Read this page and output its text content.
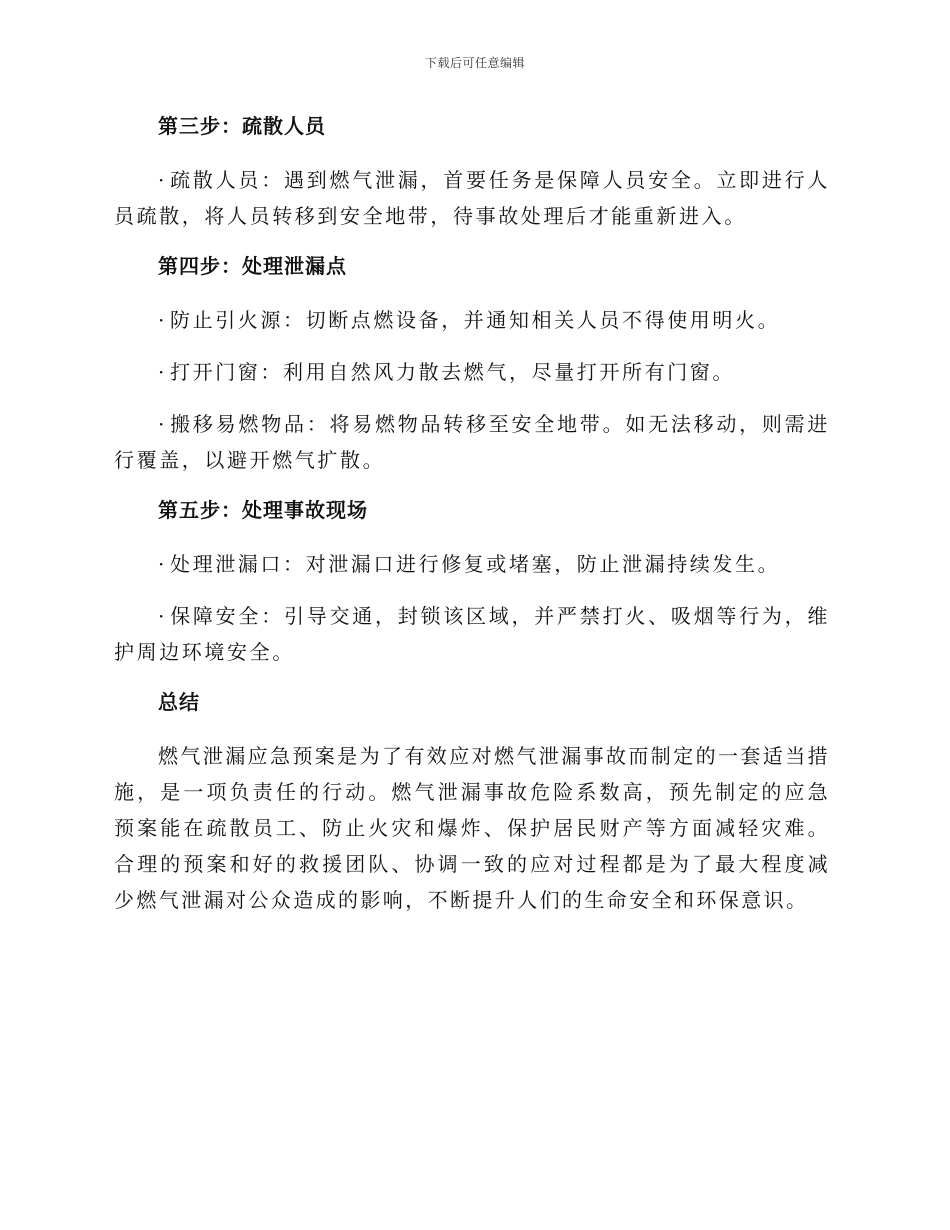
下载后可任意编辑
第三步：疏散人员

· 疏散人员：遇到燃气泄漏，首要任务是保障人员安全。立即进行人员疏散，将人员转移到安全地带，待事故处理后才能重新进入。

第四步：处理泄漏点

· 防止引火源：切断点燃设备，并通知相关人员不得使用明火。

· 打开门窗：利用自然风力散去燃气，尽量打开所有门窗。

· 搬移易燃物品：将易燃物品转移至安全地带。如无法移动，则需进行覆盖，以避开燃气扩散。

第五步：处理事故现场

· 处理泄漏口：对泄漏口进行修复或堵塞，防止泄漏持续发生。

· 保障安全：引导交通，封锁该区域，并严禁打火、吸烟等行为，维护周边环境安全。

总结

燃气泄漏应急预案是为了有效应对燃气泄漏事故而制定的一套适当措施，是一项负责任的行动。燃气泄漏事故危险系数高，预先制定的应急预案能在疏散员工、防止火灾和爆炸、保护居民财产等方面减轻灾难。合理的预案和好的救援团队、协调一致的应对过程都是为了最大程度减少燃气泄漏对公众造成的影响，不断提升人们的生命安全和环保意识。
